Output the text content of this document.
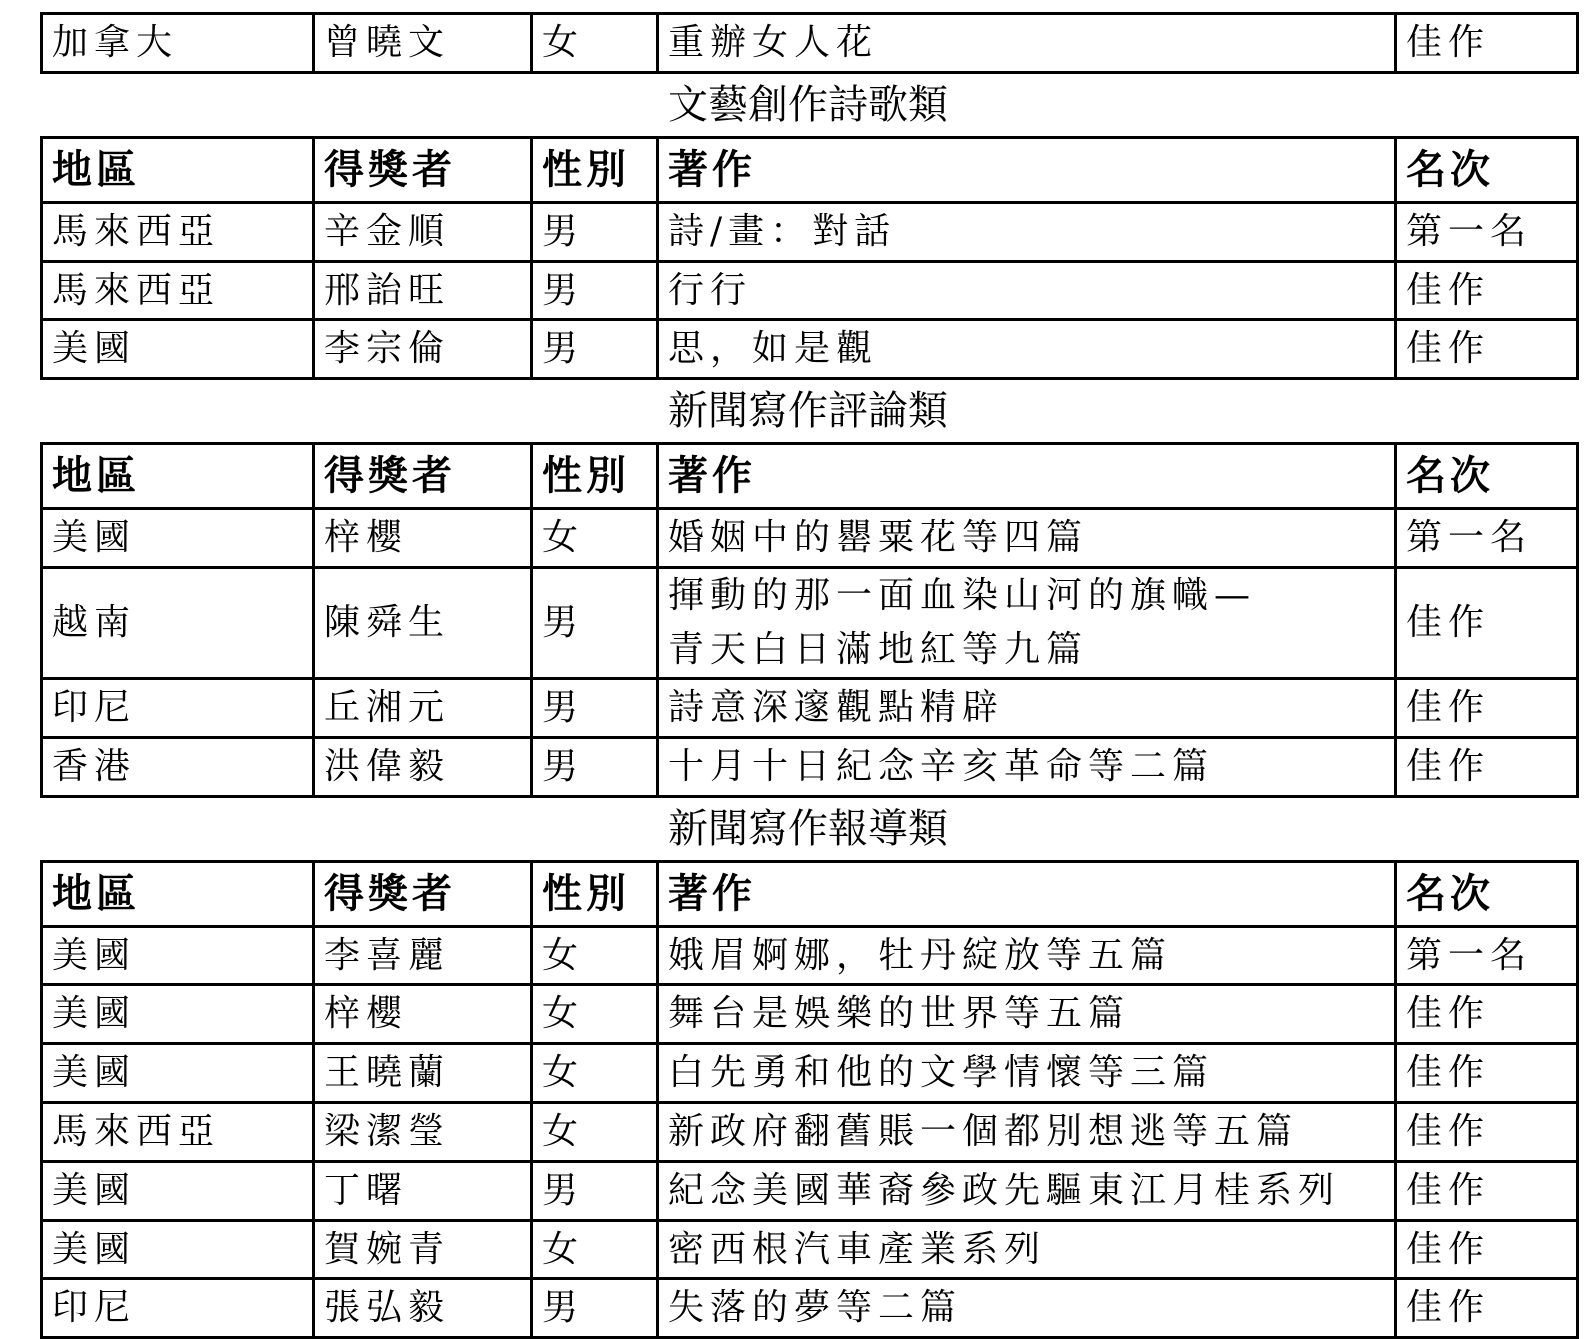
加拿大	曾曉文	女	重辦女人花	佳作
文藝創作詩歌類
地區	得獎者	性別	著作	名次
馬來西亞	辛金順	男	詩/畫：對話	第一名
馬來西亞	邢詒旺	男	行行	佳作
美國	李宗倫	男	思，如是觀	佳作
新聞寫作評論類
地區	得獎者	性別	著作	名次
美國	梓櫻	女	婚姻中的罌粟花等四篇	第一名
越南	陳舜生	男	揮動的那一面血染山河的旗幟—
青天白日滿地紅等九篇	佳作
印尼	丘湘元	男	詩意深邃觀點精辟	佳作
香港	洪偉毅	男	十月十日紀念辛亥革命等二篇	佳作
新聞寫作報導類
地區	得獎者	性別	著作	名次
美國	李喜麗	女	娥眉婀娜，牡丹綻放等五篇	第一名
美國	梓櫻	女	舞台是娛樂的世界等五篇	佳作
美國	王曉蘭	女	白先勇和他的文學情懷等三篇	佳作
馬來西亞	梁潔瑩	女	新政府翻舊賬一個都別想逃等五篇	佳作
美國	丁曙	男	紀念美國華裔參政先驅東江月桂系列	佳作
美國	賀婉青	女	密西根汽車產業系列	佳作
印尼	張弘毅	男	失落的夢等二篇	佳作
